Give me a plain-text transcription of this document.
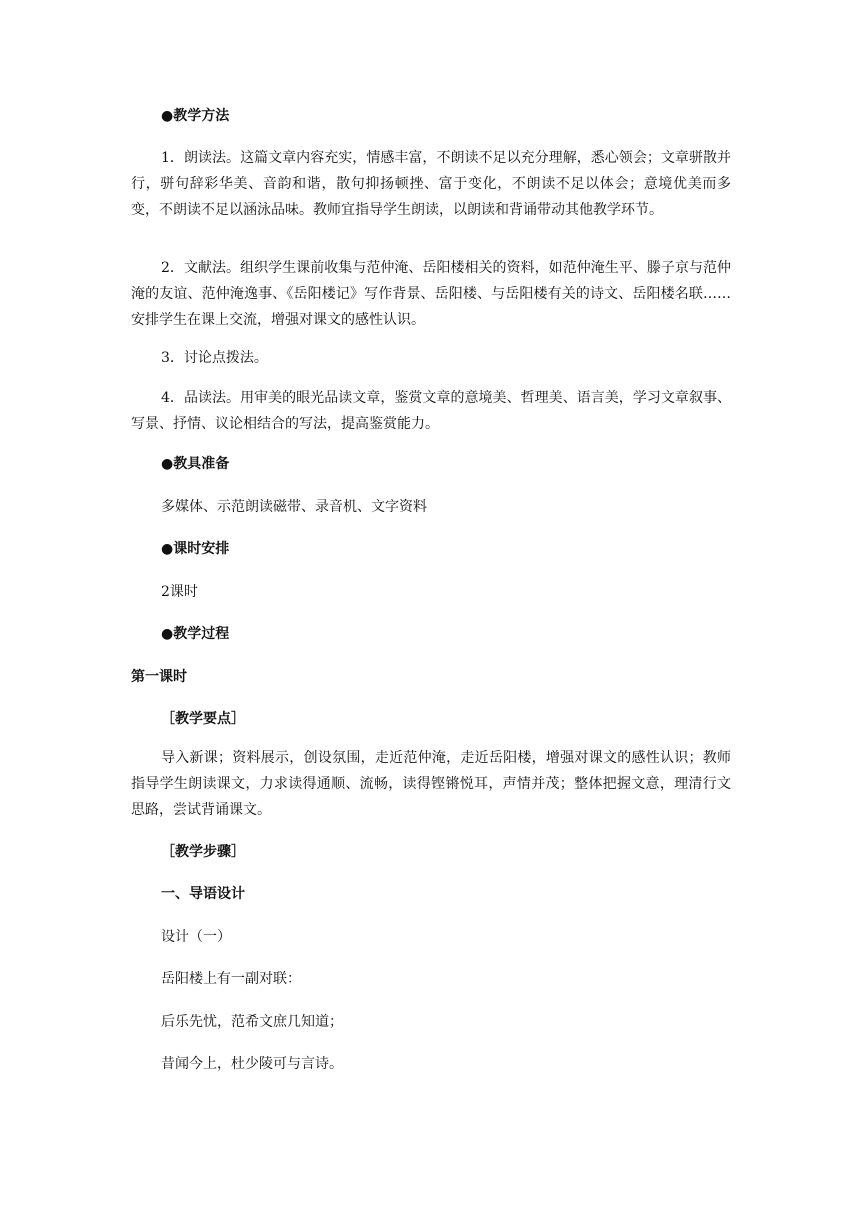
●教学方法

1．朗读法。这篇文章内容充实，情感丰富，不朗读不足以充分理解，悉心领会；文章骈散并行，骈句辞彩华美、音韵和谐，散句抑扬顿挫、富于变化，不朗读不足以体会；意境优美而多变，不朗读不足以涵泳品味。教师宜指导学生朗读，以朗读和背诵带动其他教学环节。

2．文献法。组织学生课前收集与范仲淹、岳阳楼相关的资料，如范仲淹生平、滕子京与范仲淹的友谊、范仲淹逸事、《岳阳楼记》写作背景、岳阳楼、与岳阳楼有关的诗文、岳阳楼名联……安排学生在课上交流，增强对课文的感性认识。

3．讨论点拨法。

4．品读法。用审美的眼光品读文章，鉴赏文章的意境美、哲理美、语言美，学习文章叙事、写景、抒情、议论相结合的写法，提高鉴赏能力。

●教具准备

多媒体、示范朗读磁带、录音机、文字资料

●课时安排

2课时

●教学过程

第一课时

［教学要点］

导入新课；资料展示，创设氛围，走近范仲淹，走近岳阳楼，增强对课文的感性认识；教师指导学生朗读课文，力求读得通顺、流畅，读得铿锵悦耳，声情并茂；整体把握文意，理清行文思路，尝试背诵课文。

［教学步骤］

一、导语设计

设计（一）

岳阳楼上有一副对联：

后乐先忧，范希文庶几知道；

昔闻今上，杜少陵可与言诗。
